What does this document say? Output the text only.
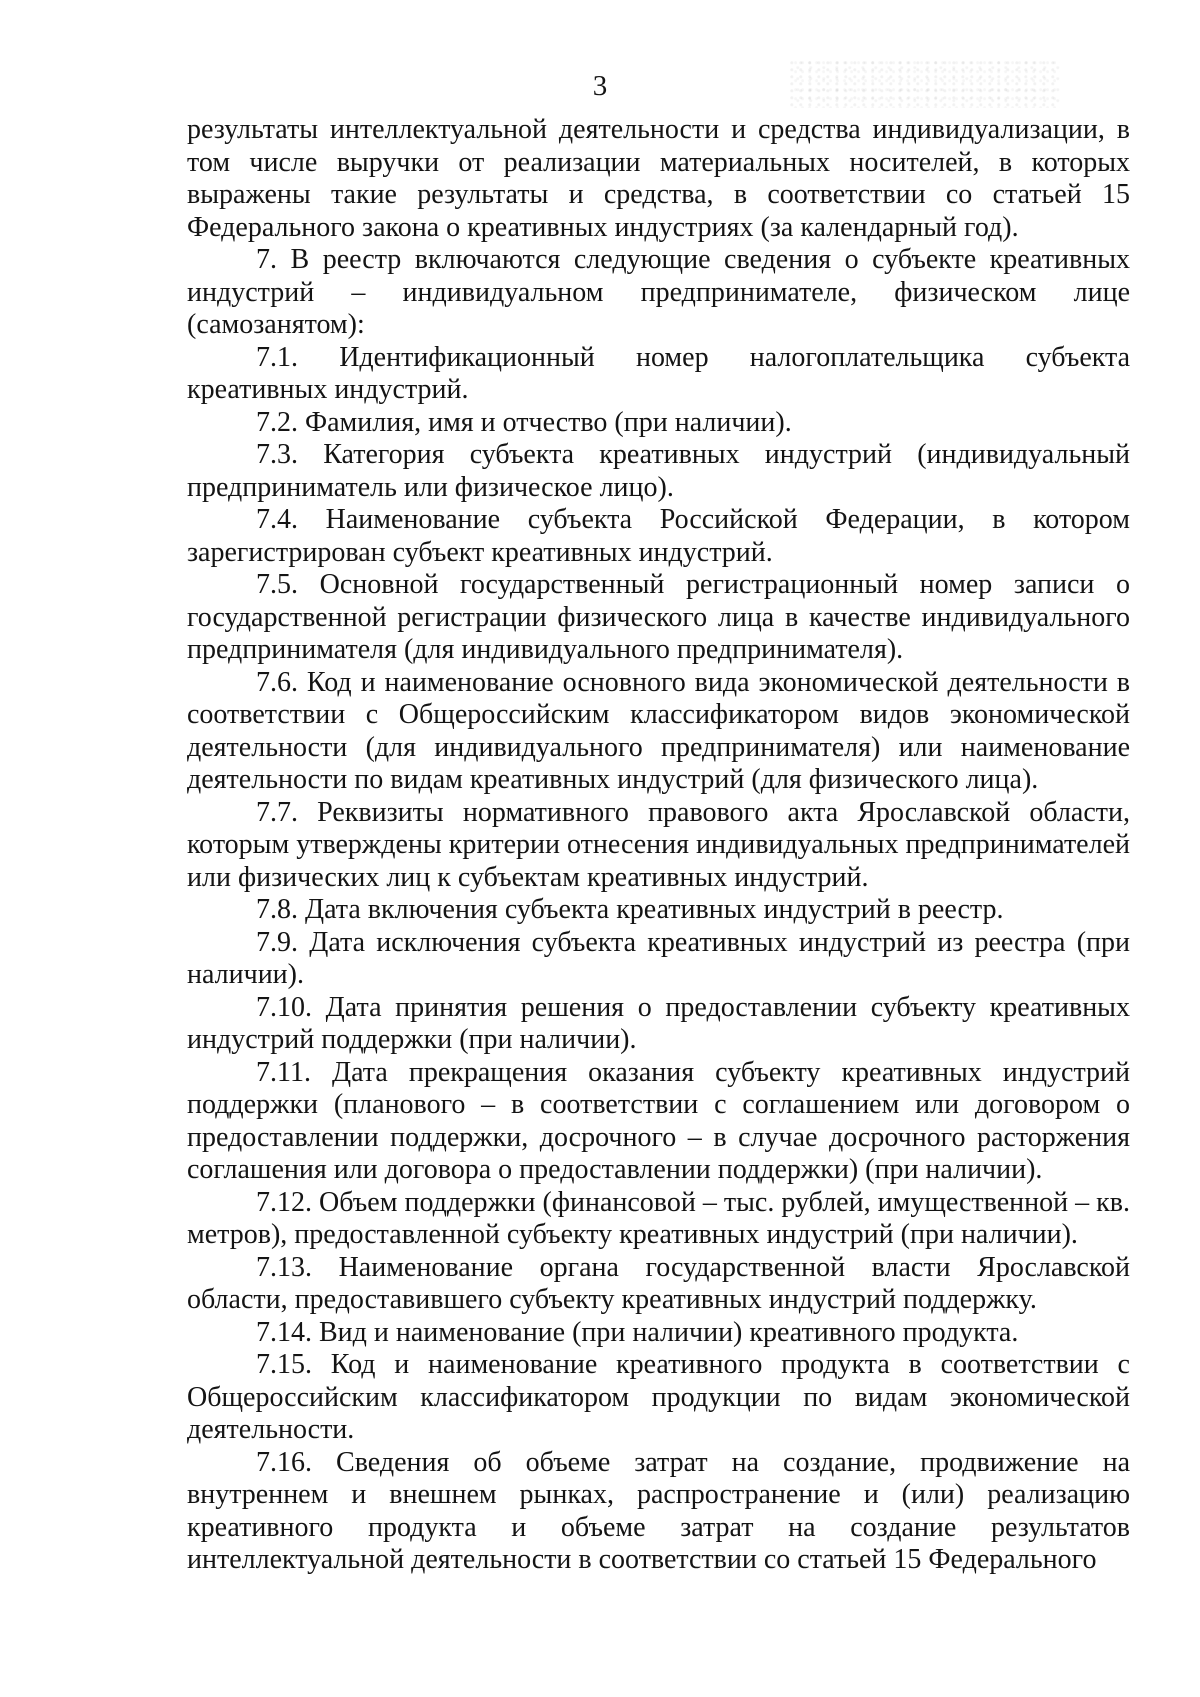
3

результаты интеллектуальной деятельности и средства индивидуализации, в том числе выручки от реализации материальных носителей, в которых выражены такие результаты и средства, в соответствии со статьей 15 Федерального закона о креативных индустриях (за календарный год).

7. В реестр включаются следующие сведения о субъекте креативных индустрий – индивидуальном предпринимателе, физическом лице (самозанятом):

7.1. Идентификационный номер налогоплательщика субъекта креативных индустрий.

7.2. Фамилия, имя и отчество (при наличии).

7.3. Категория субъекта креативных индустрий (индивидуальный предприниматель или физическое лицо).

7.4. Наименование субъекта Российской Федерации, в котором зарегистрирован субъект креативных индустрий.

7.5. Основной государственный регистрационный номер записи о государственной регистрации физического лица в качестве индивидуального предпринимателя (для индивидуального предпринимателя).

7.6. Код и наименование основного вида экономической деятельности в соответствии с Общероссийским классификатором видов экономической деятельности (для индивидуального предпринимателя) или наименование деятельности по видам креативных индустрий (для физического лица).

7.7. Реквизиты нормативного правового акта Ярославской области, которым утверждены критерии отнесения индивидуальных предпринимателей или физических лиц к субъектам креативных индустрий.

7.8. Дата включения субъекта креативных индустрий в реестр.

7.9. Дата исключения субъекта креативных индустрий из реестра (при наличии).

7.10. Дата принятия решения о предоставлении субъекту креативных индустрий поддержки (при наличии).

7.11. Дата прекращения оказания субъекту креативных индустрий поддержки (планового – в соответствии с соглашением или договором о предоставлении поддержки, досрочного – в случае досрочного расторжения соглашения или договора о предоставлении поддержки) (при наличии).

7.12. Объем поддержки (финансовой – тыс. рублей, имущественной – кв. метров), предоставленной субъекту креативных индустрий (при наличии).

7.13. Наименование органа государственной власти Ярославской области, предоставившего субъекту креативных индустрий поддержку.

7.14. Вид и наименование (при наличии) креативного продукта.

7.15. Код и наименование креативного продукта в соответствии с Общероссийским классификатором продукции по видам экономической деятельности.

7.16. Сведения об объеме затрат на создание, продвижение на внутреннем и внешнем рынках, распространение и (или) реализацию креативного продукта и объеме затрат на создание результатов интеллектуальной деятельности в соответствии со статьей 15 Федерального
